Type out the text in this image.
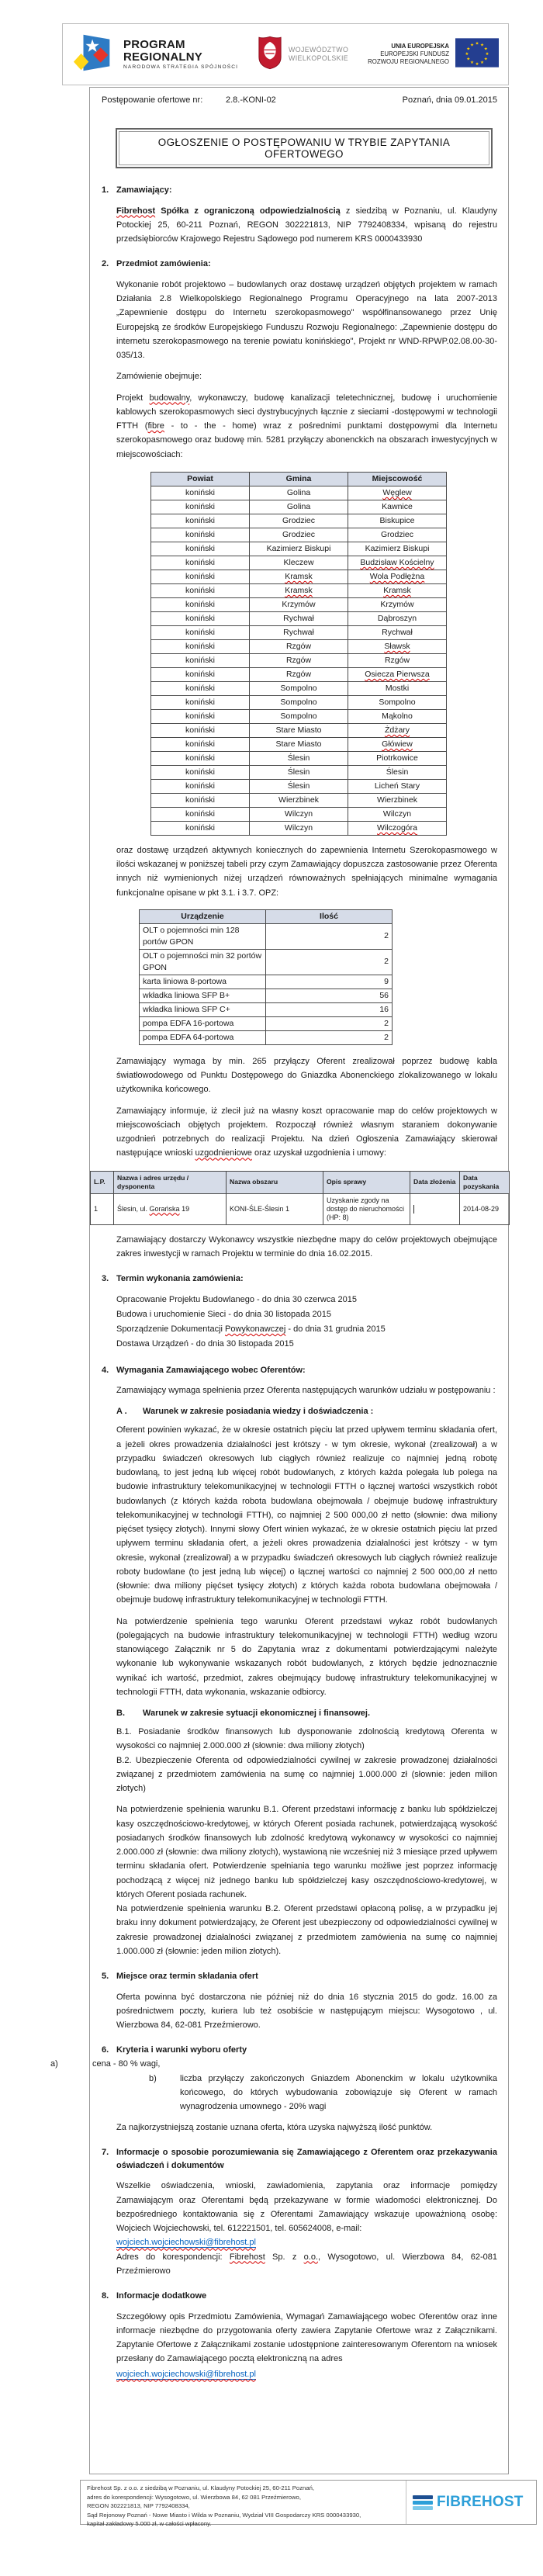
PROGRAM
REGIONALNY
NARODOWA STRATEGIA SPÓJNOŚCI
WOJEWÓDZTWO
WIELKOPOLSKIE
UNIA EUROPEJSKA
EUROPEJSKI FUNDUSZ
ROZWOJU REGIONALNEGO
★ ★
★
★
★
★
★
★
★
★
★
★
Postępowanie ofertowe nr:	2.8.-KONI-02	Poznań, dnia 09.01.2015
OGŁOSZENIE O POSTĘPOWANIU W TRYBIE ZAPYTANIA OFERTOWEGO
1. Zamawiający:

Fibrehost Spółka z ograniczoną odpowiedzialnością z siedzibą w Poznaniu, ul. Klaudyny Potockiej 25, 60-211 Poznań, REGON 302221813, NIP 7792408334, wpisaną do rejestru przedsiębiorców Krajowego Rejestru Sądowego pod numerem KRS 0000433930

2. Przedmiot zamówienia:

Wykonanie robót projektowo – budowlanych oraz dostawę urządzeń objętych projektem w ramach Działania 2.8 Wielkopolskiego Regionalnego Programu Operacyjnego na lata 2007-2013 „Zapewnienie dostępu do Internetu szerokopasmowego" współfinansowanego przez Unię Europejską ze środków Europejskiego Funduszu Rozwoju Regionalnego: „Zapewnienie dostępu do internetu szerokopasmowego na terenie powiatu konińskiego", Projekt nr WND-RPWP.02.08.00-30-035/13.

Zamówienie obejmuje:

Projekt budowalny, wykonawczy, budowę kanalizacji teletechnicznej, budowę i uruchomienie kablowych szerokopasmowych sieci dystrybucyjnych łącznie z sieciami -dostępowymi w technologii FTTH (fibre - to - the - home) wraz z pośrednimi punktami dostępowymi dla Internetu szerokopasmowego oraz budowę min. 5281 przyłączy abonenckich na obszarach inwestycyjnych w miejscowościach:

Powiat	Gmina	Miejscowość
koniński	Golina	Węglew
koniński	Golina	Kawnice
koniński	Grodziec	Biskupice
koniński	Grodziec	Grodziec
koniński	Kazimierz Biskupi	Kazimierz Biskupi
koniński	Kleczew	Budzisław Kościelny
koniński	Kramsk	Wola Podłężna
koniński	Kramsk	Kramsk
koniński	Krzymów	Krzymów
koniński	Rychwał	Dąbroszyn
koniński	Rychwał	Rychwał
koniński	Rzgów	Sławsk
koniński	Rzgów	Rzgów
koniński	Rzgów	Osiecza Pierwsza
koniński	Sompolno	Mostki
koniński	Sompolno	Sompolno
koniński	Sompolno	Mąkolno
koniński	Stare Miasto	Żdżary
koniński	Stare Miasto	Główiew
koniński	Ślesin	Piotrkowice
koniński	Ślesin	Ślesin
koniński	Ślesin	Licheń Stary
koniński	Wierzbinek	Wierzbinek
koniński	Wilczyn	Wilczyn
koniński	Wilczyn	Wilczogóra

oraz dostawę urządzeń aktywnych koniecznych do zapewnienia Internetu Szerokopasmowego w ilości wskazanej w poniższej tabeli przy czym Zamawiający dopuszcza zastosowanie przez Oferenta innych niż wymienionych niżej urządzeń równoważnych spełniających minimalne wymagania funkcjonalne opisane w pkt 3.1. i 3.7. OPZ:

Urządzenie	Ilość
OLT o pojemności min 128 portów GPON	2
OLT o pojemności min 32 portów GPON	2
karta liniowa 8-portowa	9
wkładka liniowa SFP B+	56
wkładka liniowa SFP C+	16
pompa EDFA 16-portowa	2
pompa EDFA 64-portowa	2

Zamawiający wymaga by min. 265 przyłączy Oferent zrealizował poprzez budowę kabla światłowodowego od Punktu Dostępowego do Gniazdka Abonenckiego zlokalizowanego w lokalu użytkownika końcowego.

Zamawiający informuje, iż zlecił już na własny koszt opracowanie map do celów projektowych w miejscowościach objętych projektem. Rozpoczął również własnym staraniem dokonywanie uzgodnień potrzebnych do realizacji Projektu. Na dzień Ogłoszenia Zamawiający skierował następujące wnioski uzgodnieniowe oraz uzyskał uzgodnienia i umowy:

L.P.	Nazwa i adres urzędu / dysponenta	Nazwa obszaru	Opis sprawy	Data złożenia	Data pozyskania
1	Ślesin, ul. Gorańska 19	KONI-ŚLE-Ślesin 1	Uzyskanie zgody na dostęp do nieruchomości (HP: 8)		2014-08-29

Zamawiający dostarczy Wykonawcy wszystkie niezbędne mapy do celów projektowych obejmujące zakres inwestycji w ramach Projektu w terminie do dnia 16.02.2015.

3. Termin wykonania zamówienia:
Opracowanie Projektu Budowlanego - do dnia 30 czerwca 2015
Budowa i uruchomienie Sieci - do dnia 30 listopada 2015
Sporządzenie Dokumentacji Powykonawczej - do dnia 31 grudnia 2015
Dostawa Urządzeń - do dnia 30 listopada 2015
4. Wymagania Zamawiającego wobec Oferentów:

Zamawiający wymaga spełnienia przez Oferenta następujących warunków udziału w postępowaniu :

A .	Warunek w zakresie posiadania wiedzy i doświadczenia :

Oferent powinien wykazać, że w okresie ostatnich pięciu lat przed upływem terminu składania ofert, a jeżeli okres prowadzenia działalności jest krótszy - w tym okresie, wykonał (zrealizował) a w przypadku świadczeń okresowych lub ciągłych również realizuje co najmniej jedną robotę budowlaną, to jest jedną lub więcej robót budowlanych, z których każda polegała lub polega na budowie infrastruktury telekomunikacyjnej w technologii FTTH o łącznej wartości wszystkich robót budowlanych (z których każda robota budowlana obejmowała / obejmuje budowę infrastruktury telekomunikacyjnej w technologii FTTH), co najmniej 2 500 000,00 zł netto (słownie: dwa miliony pięćset tysięcy złotych). Innymi słowy Ofert winien wykazać, że w okresie ostatnich pięciu lat przed upływem terminu składania ofert, a jeżeli okres prowadzenia działalności jest krótszy - w tym okresie, wykonał (zrealizował) a w przypadku świadczeń okresowych lub ciągłych również realizuje roboty budowlane (to jest jedną lub więcej) o łącznej wartości co najmniej 2 500 000,00 zł netto (słownie: dwa miliony pięćset tysięcy złotych) z których każda robota budowlana obejmowała / obejmuje budowę infrastruktury telekomunikacyjnej w technologii FTTH.

Na potwierdzenie spełnienia tego warunku Oferent przedstawi wykaz robót budowlanych (polegających na budowie infrastruktury telekomunikacyjnej w technologii FTTH) według wzoru stanowiącego Załącznik nr 5 do Zapytania wraz z dokumentami potwierdzającymi należyte wykonanie lub wykonywanie wskazanych robót budowlanych, z których będzie jednoznacznie wynikać ich wartość, przedmiot, zakres obejmujący budowę infrastruktury telekomunikacyjnej w technologii FTTH, data wykonania, wskazanie odbiorcy.

B.	Warunek w zakresie sytuacji ekonomicznej i finansowej.

B.1. Posiadanie środków finansowych lub dysponowanie zdolnością kredytową Oferenta w wysokości co najmniej 2.000.000 zł (słownie: dwa miliony złotych)

B.2. Ubezpieczenie Oferenta od odpowiedzialności cywilnej w zakresie prowadzonej działalności związanej z przedmiotem zamówienia na sumę co najmniej 1.000.000 zł (słownie: jeden milion złotych)

Na potwierdzenie spełnienia warunku B.1. Oferent przedstawi informację z banku lub spółdzielczej kasy oszczędnościowo-kredytowej, w których Oferent posiada rachunek, potwierdzającą wysokość posiadanych środków finansowych lub zdolność kredytową wykonawcy w wysokości co najmniej 2.000.000 zł (słownie: dwa miliony złotych), wystawioną nie wcześniej niż 3 miesiące przed upływem terminu składania ofert. Potwierdzenie spełniania tego warunku możliwe jest poprzez informację pochodzącą z więcej niż jednego banku lub spółdzielczej kasy oszczędnościowo-kredytowej, w których Oferent posiada rachunek.

Na potwierdzenie spełnienia warunku B.2. Oferent przedstawi opłaconą polisę, a w przypadku jej braku inny dokument potwierdzający, że Oferent jest ubezpieczony od odpowiedzialności cywilnej w zakresie prowadzonej działalności związanej z przedmiotem zamówienia na sumę co najmniej 1.000.000 zł (słownie: jeden milion złotych).

5. Miejsce oraz termin składania ofert

Oferta powinna być dostarczona nie później niż do dnia 16 stycznia 2015 do godz. 16.00 za pośrednictwem poczty, kuriera lub też osobiście w następującym miejscu: Wysogotowo , ul. Wierzbowa 84, 62-081 Przeźmierowo.

6. Kryteria i warunki wyboru oferty
a)	cena - 80 % wagi,
b)	liczba przyłączy zakończonych Gniazdem Abonenckim w lokalu użytkownika końcowego, do których wybudowania zobowiązuje się Oferent w ramach wynagrodzenia umownego - 20% wagi

Za najkorzystniejszą zostanie uznana oferta, która uzyska najwyższą ilość punktów.

7. Informacje o sposobie porozumiewania się Zamawiającego z Oferentem oraz przekazywania oświadczeń i dokumentów

Wszelkie oświadczenia, wnioski, zawiadomienia, zapytania oraz informacje pomiędzy Zamawiającym oraz Oferentami będą przekazywane w formie wiadomości elektronicznej. Do bezpośredniego kontaktowania się z Oferentami Zamawiający wskazuje upoważnioną osobę: Wojciech Wojciechowski, tel. 612221501, tel. 605624008, e-mail:

wojciech.wojciechowski@fibrehost.pl

Adres do korespondencji: Fibrehost Sp. z o.o., Wysogotowo, ul. Wierzbowa 84, 62-081 Przeźmierowo

8. Informacje dodatkowe

Szczegółowy opis Przedmiotu Zamówienia, Wymagań Zamawiającego wobec Oferentów oraz inne informacje niezbędne do przygotowania oferty zawiera Zapytanie Ofertowe wraz z Załącznikami. Zapytanie Ofertowe z Załącznikami zostanie udostępnione zainteresowanym Oferentom na wniosek przesłany do Zamawiającego pocztą elektroniczną na adres

wojciech.wojciechowski@fibrehost.pl
Fibrehost Sp. z o.o. z siedzibą w Poznaniu, ul. Klaudyny Potockiej 25, 60-211 Poznań,
adres do korespondencji: Wysogotowo, ul. Wierzbowa 84, 62 081 Przeźmierowo,
REGON 302221813, NIP 7792408334,
Sąd Rejonowy Poznań - Nowe Miasto i Wilda w Poznaniu, Wydział VIII Gospodarczy KRS 0000433930,
kapitał zakładowy 5.000 zł, w całości wpłacony.
FIBREHOST
